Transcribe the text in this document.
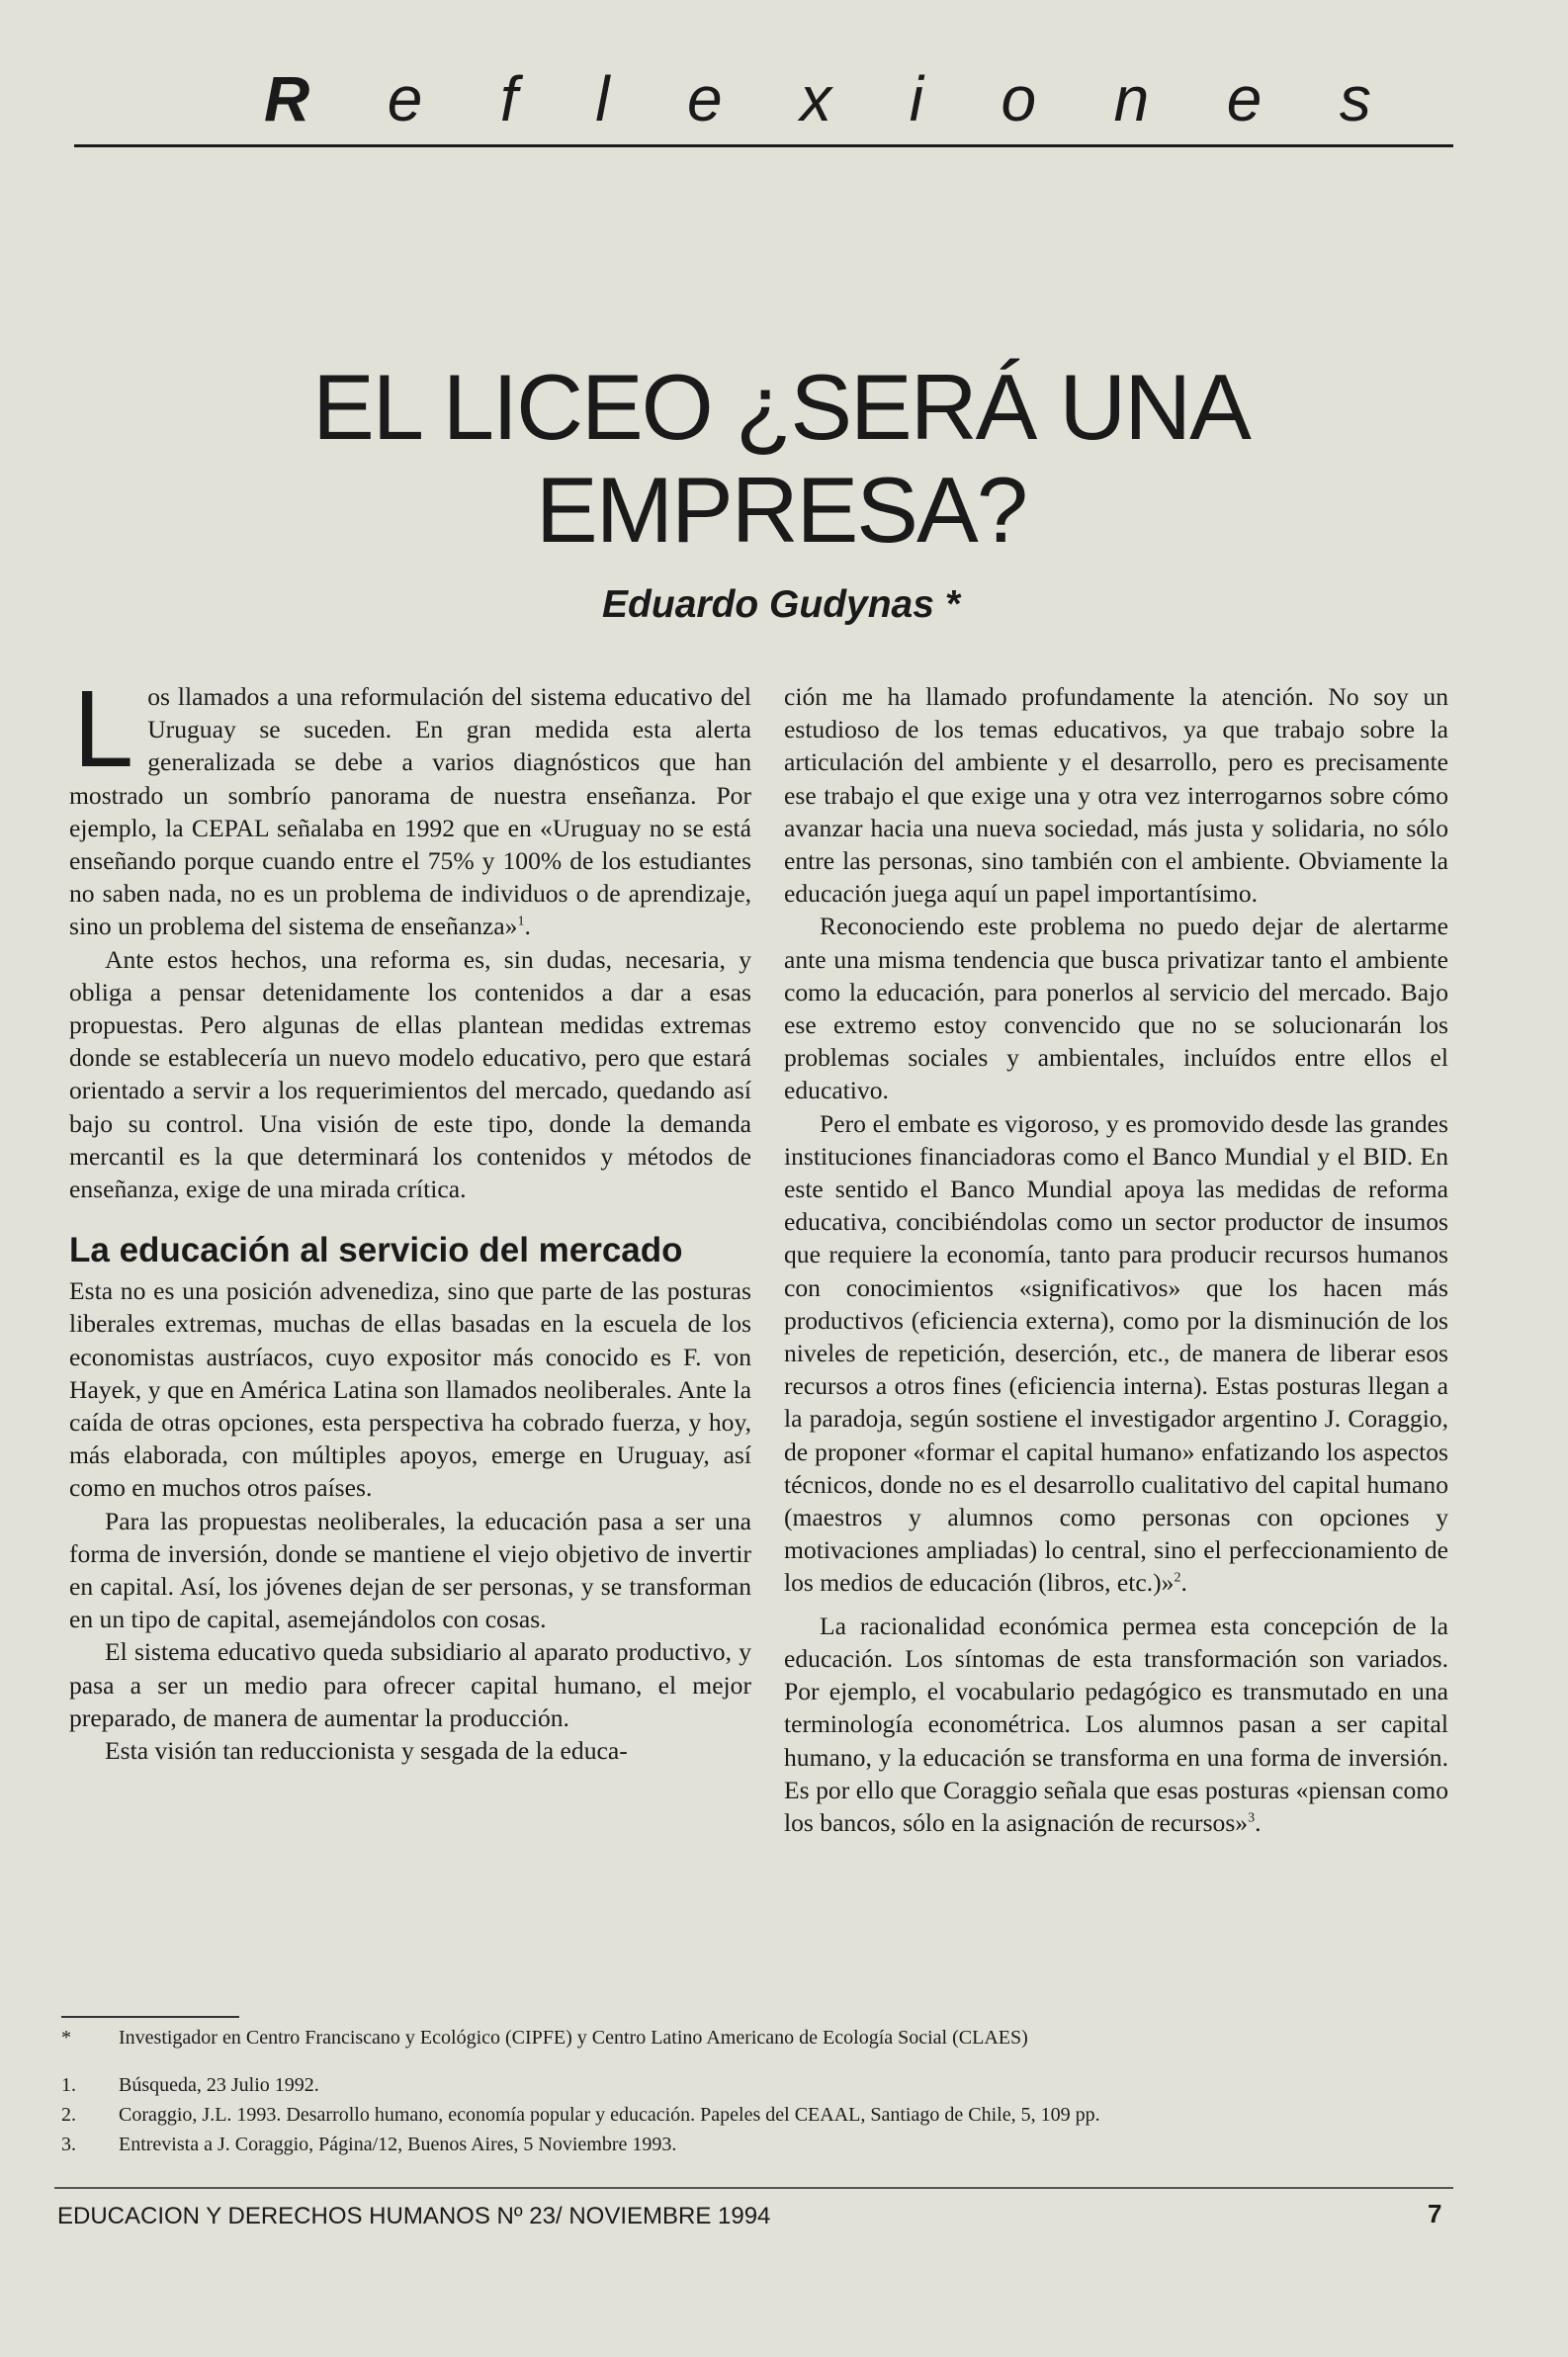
R e f l e x i o n e s
EL LICEO ¿SERÁ UNA EMPRESA?
Eduardo Gudynas *

Los llamados a una reformulación del sistema educativo del Uruguay se suceden. En gran medida esta alerta generalizada se debe a varios diagnósticos que han mostrado un sombrío panorama de nuestra enseñanza. Por ejemplo, la CEPAL señalaba en 1992 que en «Uruguay no se está enseñando porque cuando entre el 75% y 100% de los estudiantes no saben nada, no es un problema de individuos o de aprendizaje, sino un problema del sistema de enseñanza»$^1$.

Ante estos hechos, una reforma es, sin dudas, necesaria, y obliga a pensar detenidamente los contenidos a dar a esas propuestas. Pero algunas de ellas plantean medidas extremas donde se establecería un nuevo modelo educativo, pero que estará orientado a servir a los requerimientos del mercado, quedando así bajo su control. Una visión de este tipo, donde la demanda mercantil es la que determinará los contenidos y métodos de enseñanza, exige de una mirada crítica.

La educación al servicio del mercado

Esta no es una posición advenediza, sino que parte de las posturas liberales extremas, muchas de ellas basadas en la escuela de los economistas austríacos, cuyo expositor más conocido es F. von Hayek, y que en América Latina son llamados neoliberales. Ante la caída de otras opciones, esta perspectiva ha cobrado fuerza, y hoy, más elaborada, con múltiples apoyos, emerge en Uruguay, así como en muchos otros países.

Para las propuestas neoliberales, la educación pasa a ser una forma de inversión, donde se mantiene el viejo objetivo de invertir en capital. Así, los jóvenes dejan de ser personas, y se transforman en un tipo de capital, asemejándolos con cosas.

El sistema educativo queda subsidiario al aparato productivo, y pasa a ser un medio para ofrecer capital humano, el mejor preparado, de manera de aumentar la producción.

Esta visión tan reduccionista y sesgada de la educa-

ción me ha llamado profundamente la atención. No soy un estudioso de los temas educativos, ya que trabajo sobre la articulación del ambiente y el desarrollo, pero es precisamente ese trabajo el que exige una y otra vez interrogarnos sobre cómo avanzar hacia una nueva sociedad, más justa y solidaria, no sólo entre las personas, sino también con el ambiente. Obviamente la educación juega aquí un papel importantísimo.

Reconociendo este problema no puedo dejar de alertarme ante una misma tendencia que busca privatizar tanto el ambiente como la educación, para ponerlos al servicio del mercado. Bajo ese extremo estoy convencido que no se solucionarán los problemas sociales y ambientales, incluídos entre ellos el educativo.

Pero el embate es vigoroso, y es promovido desde las grandes instituciones financiadoras como el Banco Mundial y el BID. En este sentido el Banco Mundial apoya las medidas de reforma educativa, concibiéndolas como un sector productor de insumos que requiere la economía, tanto para producir recursos humanos con conocimientos «significativos» que los hacen más productivos (eficiencia externa), como por la disminución de los niveles de repetición, deserción, etc., de manera de liberar esos recursos a otros fines (eficiencia interna). Estas posturas llegan a la paradoja, según sostiene el investigador argentino J. Coraggio, de proponer «formar el capital humano» enfatizando los aspectos técnicos, donde no es el desarrollo cualitativo del capital humano (maestros y alumnos como personas con opciones y motivaciones ampliadas) lo central, sino el perfeccionamiento de los medios de educación (libros, etc.)»$^2$.

La racionalidad económica permea esta concepción de la educación. Los síntomas de esta transformación son variados. Por ejemplo, el vocabulario pedagógico es transmutado en una terminología econométrica. Los alumnos pasan a ser capital humano, y la educación se transforma en una forma de inversión. Es por ello que Coraggio señala que esas posturas «piensan como los bancos, sólo en la asignación de recursos»$^3$.

*	Investigador en Centro Franciscano y Ecológico (CIPFE) y Centro Latino Americano de Ecología Social (CLAES)
1.	Búsqueda, 23 Julio 1992.
2.	Coraggio, J.L. 1993. Desarrollo humano, economía popular y educación. Papeles del CEAAL, Santiago de Chile, 5, 109 pp.
3.	Entrevista a J. Coraggio, Página/12, Buenos Aires, 5 Noviembre 1993.
EDUCACION Y DERECHOS HUMANOS Nº 23/ NOVIEMBRE 1994	7
